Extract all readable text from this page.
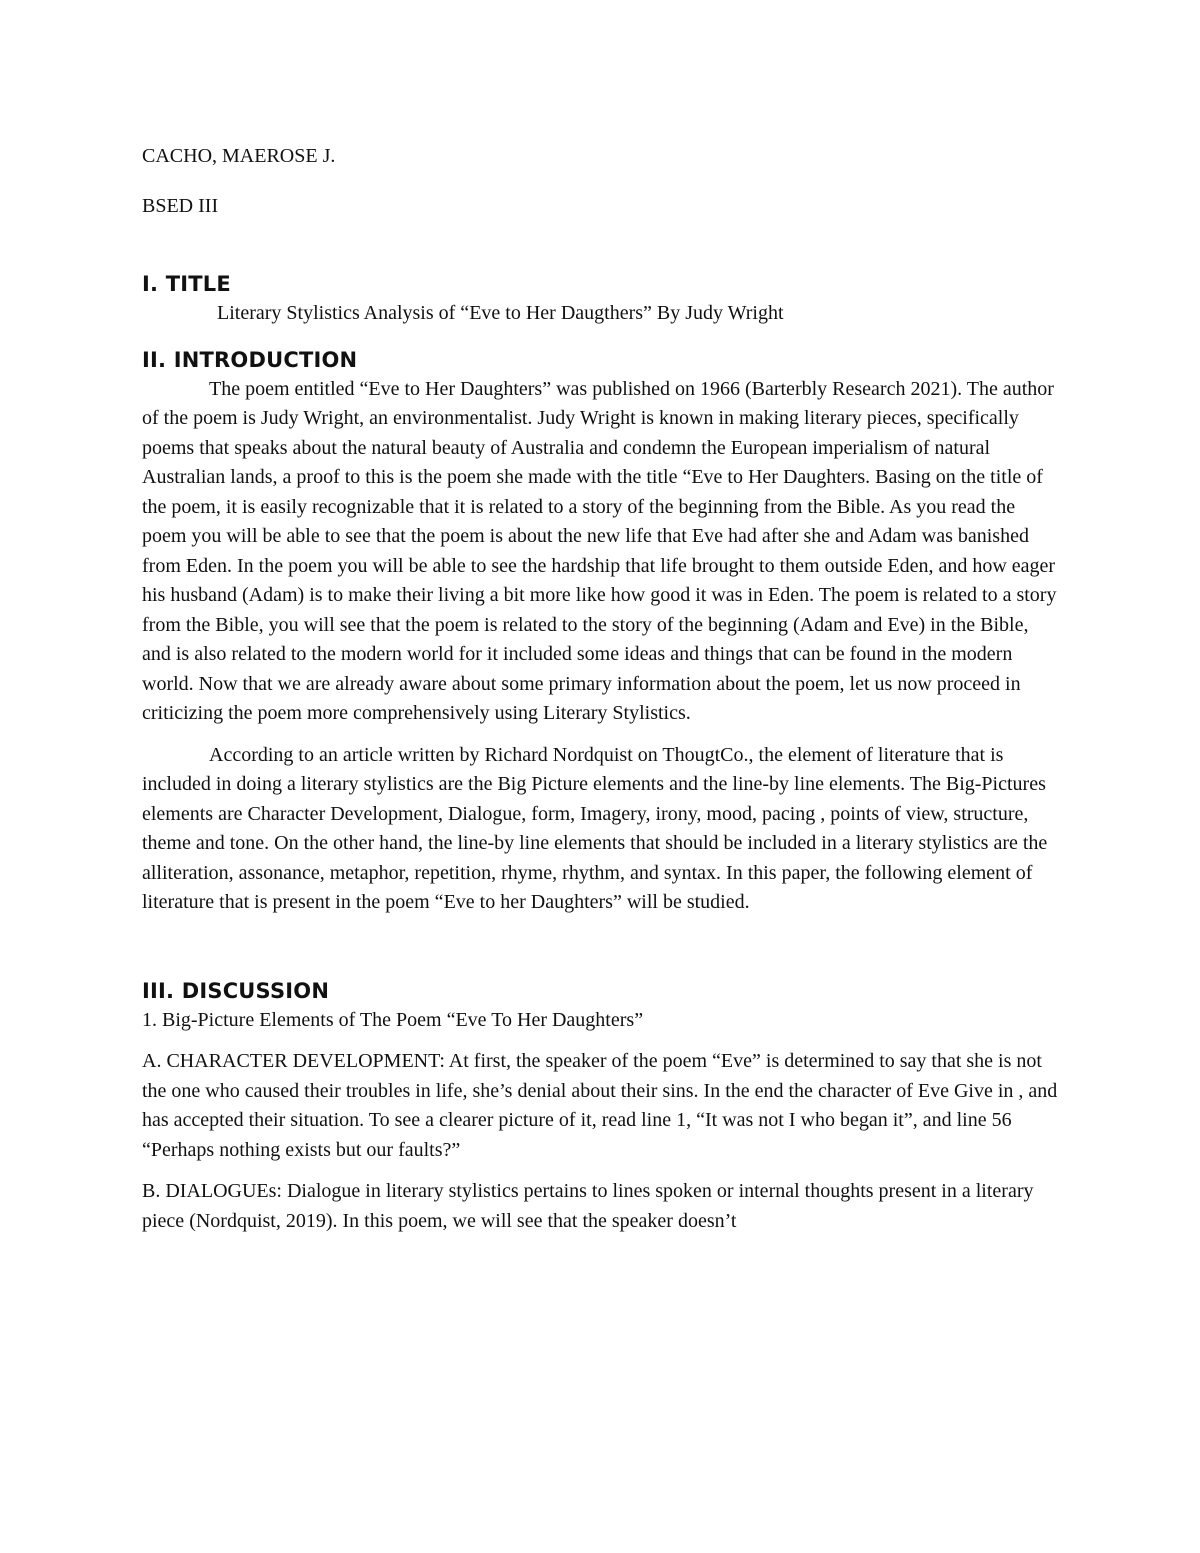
CACHO, MAEROSE J.

BSED III

I. TITLE

Literary Stylistics Analysis of “Eve to Her Daugthers” By Judy Wright

II. INTRODUCTION

The poem entitled “Eve to Her Daughters” was published on 1966 (Barterbly Research 2021). The author of the poem is Judy Wright, an environmentalist. Judy Wright is known in making literary pieces, specifically poems that speaks about the natural beauty of Australia and condemn the European imperialism of natural Australian lands, a proof to this is the poem she made with the title “Eve to Her Daughters. Basing on the title of the poem, it is easily recognizable that it is related to a story of the beginning from the Bible. As you read the poem you will be able to see that the poem is about the new life that Eve had after she and Adam was banished from Eden. In the poem you will be able to see the hardship that life brought to them outside Eden, and how eager his husband (Adam) is to make their living a bit more like how good it was in Eden. The poem is related to a story from the Bible, you will see that the poem is related to the story of the beginning (Adam and Eve) in the Bible, and is also related to the modern world for it included some ideas and things that can be found in the modern world. Now that we are already aware about some primary information about the poem, let us now proceed in criticizing the poem more comprehensively using Literary Stylistics.

According to an article written by Richard Nordquist on ThougtCo., the element of literature that is included in doing a literary stylistics are the Big Picture elements and the line-by line elements. The Big-Pictures elements are Character Development, Dialogue, form, Imagery, irony, mood, pacing , points of view, structure, theme and tone. On the other hand, the line-by line elements that should be included in a literary stylistics are the alliteration, assonance, metaphor, repetition, rhyme, rhythm, and syntax. In this paper, the following element of literature that is present in the poem “Eve to her Daughters” will be studied.

III. DISCUSSION

1. Big-Picture Elements of The Poem “Eve To Her Daughters”

A. CHARACTER DEVELOPMENT: At first, the speaker of the poem “Eve” is determined to say that she is not the one who caused their troubles in life, she’s denial about their sins. In the end the character of Eve Give in , and has accepted their situation. To see a clearer picture of it, read line 1, “It was not I who began it”, and line 56 “Perhaps nothing exists but our faults?”

B. DIALOGUEs: Dialogue in literary stylistics pertains to lines spoken or internal thoughts present in a literary piece (Nordquist, 2019). In this poem, we will see that the speaker doesn’t
